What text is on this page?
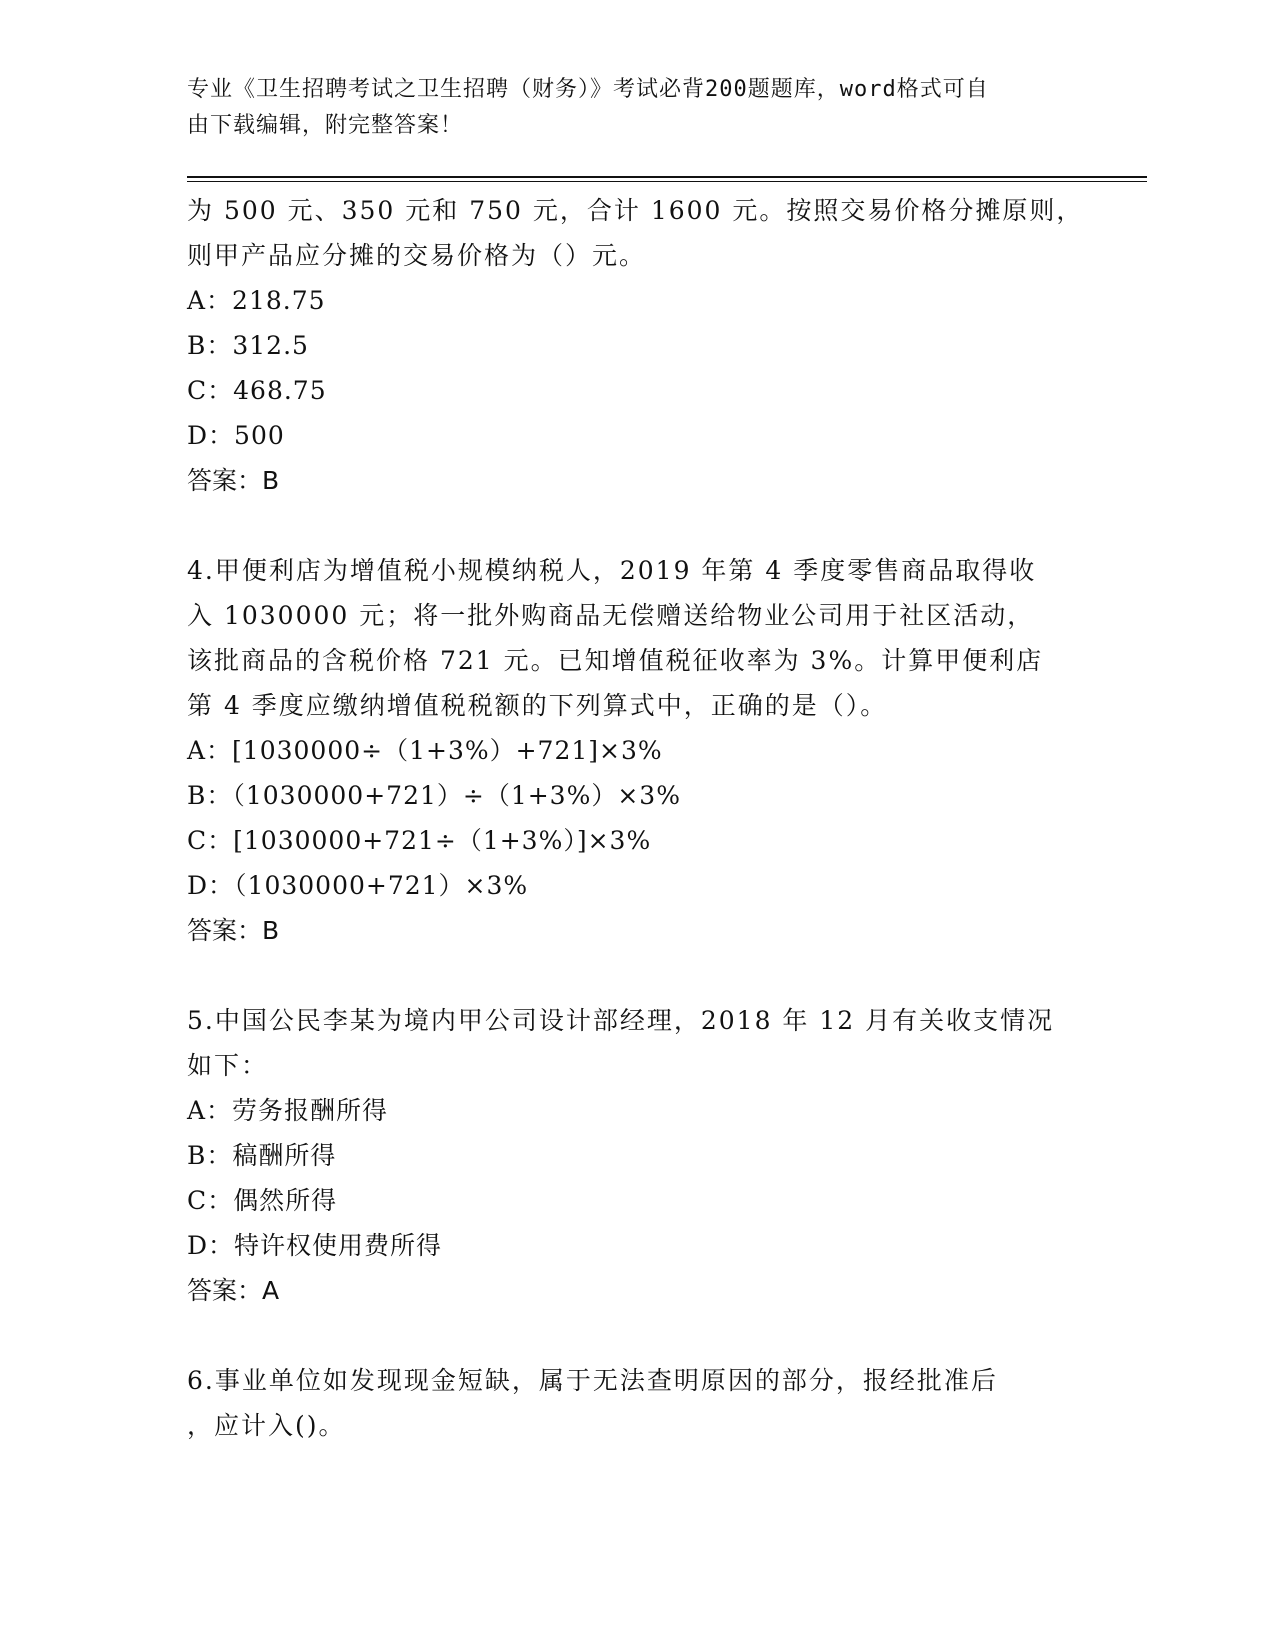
专业《卫生招聘考试之卫生招聘（财务）》考试必背200题题库，word格式可自
由下载编辑，附完整答案！
为 500 元、350 元和 750 元，合计 1600 元。按照交易价格分摊原则，
则甲产品应分摊的交易价格为（）元。
A：218.75
B：312.5
C：468.75
D：500
答案：B
4.甲便利店为增值税小规模纳税人，2019 年第 4 季度零售商品取得收
入 1030000 元；将一批外购商品无偿赠送给物业公司用于社区活动，
该批商品的含税价格 721 元。已知增值税征收率为 3%。计算甲便利店
第 4 季度应缴纳增值税税额的下列算式中，正确的是（）。
A：[1030000÷（1+3%）+721]×3%
B：（1030000+721）÷（1+3%）×3%
C：[1030000+721÷（1+3%）]×3%
D：（1030000+721）×3%
答案：B
5.中国公民李某为境内甲公司设计部经理，2018 年 12 月有关收支情况
如下：
A：劳务报酬所得
B：稿酬所得
C：偶然所得
D：特许权使用费所得
答案：A
6.事业单位如发现现金短缺，属于无法查明原因的部分，报经批准后
，应计入()。
